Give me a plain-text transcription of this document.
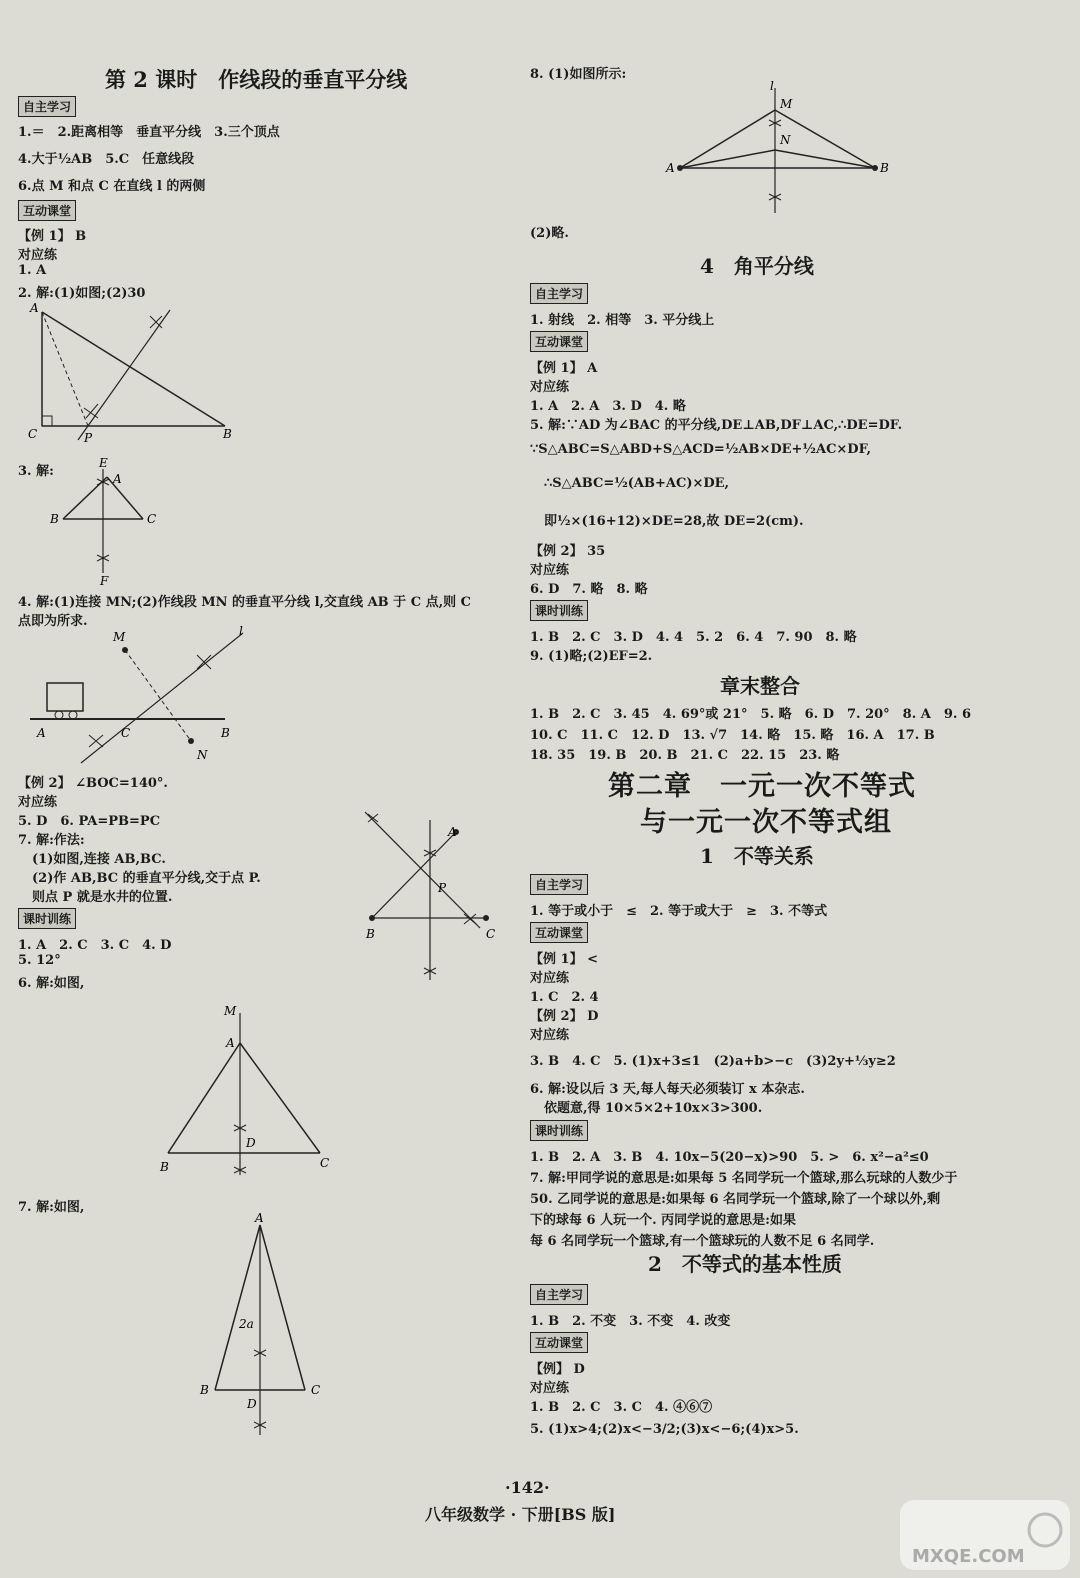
第 2 课时　作线段的垂直平分线
自主学习
1.＝　2.距离相等　垂直平分线　3.三个顶点
4.大于½AB　5.C　任意线段
6.点 M 和点 C 在直线 l 的两侧
互动课堂
【例 1】 B
对应练
1. A
2. 解:(1)如图;(2)30
A
C	P	B
3. 解:
E
A
B	C
F
4. 解:(1)连接 MN;(2)作线段 MN 的垂直平分线 l,交直线 AB 于 C 点,则 C
点即为所求.
M	l
A	C
N
B
【例 2】 ∠BOC=140°.
对应练
5. D　6. PA=PB=PC
7. 解:作法:
(1)如图,连接 AB,BC.
(2)作 AB,BC 的垂直平分线,交于点 P.
则点 P 就是水井的位置.
A
P
B	C
课时训练
1. A　2. C　3. C　4. D
5. 12°
6. 解:如图,
M
A
D
B	C
7. 解:如图,
A
2a
B
D
C
8. (1)如图所示:
l
M
N
A	B
(2)略.
4　角平分线
自主学习
1. 射线　2. 相等　3. 平分线上
互动课堂
【例 1】 A
对应练
1. A　2. A　3. D　4. 略
5. 解:∵AD 为∠BAC 的平分线,DE⊥AB,DF⊥AC,∴DE=DF.
∵S△ABC=S△ABD+S△ACD=½AB×DE+½AC×DF,
∴S△ABC=½(AB+AC)×DE,
即½×(16+12)×DE=28,故 DE=2(cm).
【例 2】 35
对应练
6. D　7. 略　8. 略
课时训练
1. B　2. C　3. D　4. 4　5. 2　6. 4　7. 90　8. 略
9. (1)略;(2)EF=2.
章末整合
1. B　2. C　3. 45　4. 69°或 21°　5. 略　6. D　7. 20°　8. A　9. 6
10. C　11. C　12. D　13. √7　14. 略　15. 略　16. A　17. B
18. 35　19. B　20. B　21. C　22. 15　23. 略
第二章　一元一次不等式
与一元一次不等式组
1　不等关系
自主学习
1. 等于或小于　≤　2. 等于或大于　≥　3. 不等式
互动课堂
【例 1】 <
对应练
1. C　2. 4
【例 2】 D
对应练
3. B　4. C　5. (1)x+3≤1　(2)a+b>−c　(3)2y+⅓y≥2
6. 解:设以后 3 天,每人每天必须装订 x 本杂志.
依题意,得 10×5×2+10x×3>300.
课时训练
1. B　2. A　3. B　4. 10x−5(20−x)>90　5. >　6. x²−a²≤0
7. 解:甲同学说的意思是:如果每 5 名同学玩一个篮球,那么玩球的人数少于
50. 乙同学说的意思是:如果每 6 名同学玩一个篮球,除了一个球以外,剩
下的球每 6 人玩一个. 丙同学说的意思是:如果
每 6 名同学玩一个篮球,有一个篮球玩的人数不足 6 名同学.
2　不等式的基本性质
自主学习
1. B　2. 不变　3. 不变　4. 改变
互动课堂
【例】 D
对应练
1. B　2. C　3. C　4. ④⑥⑦
5. (1)x>4;(2)x<−3/2;(3)x<−6;(4)x>5.
·142·
八年级数学 · 下册[BS 版]
MXQE.COM
